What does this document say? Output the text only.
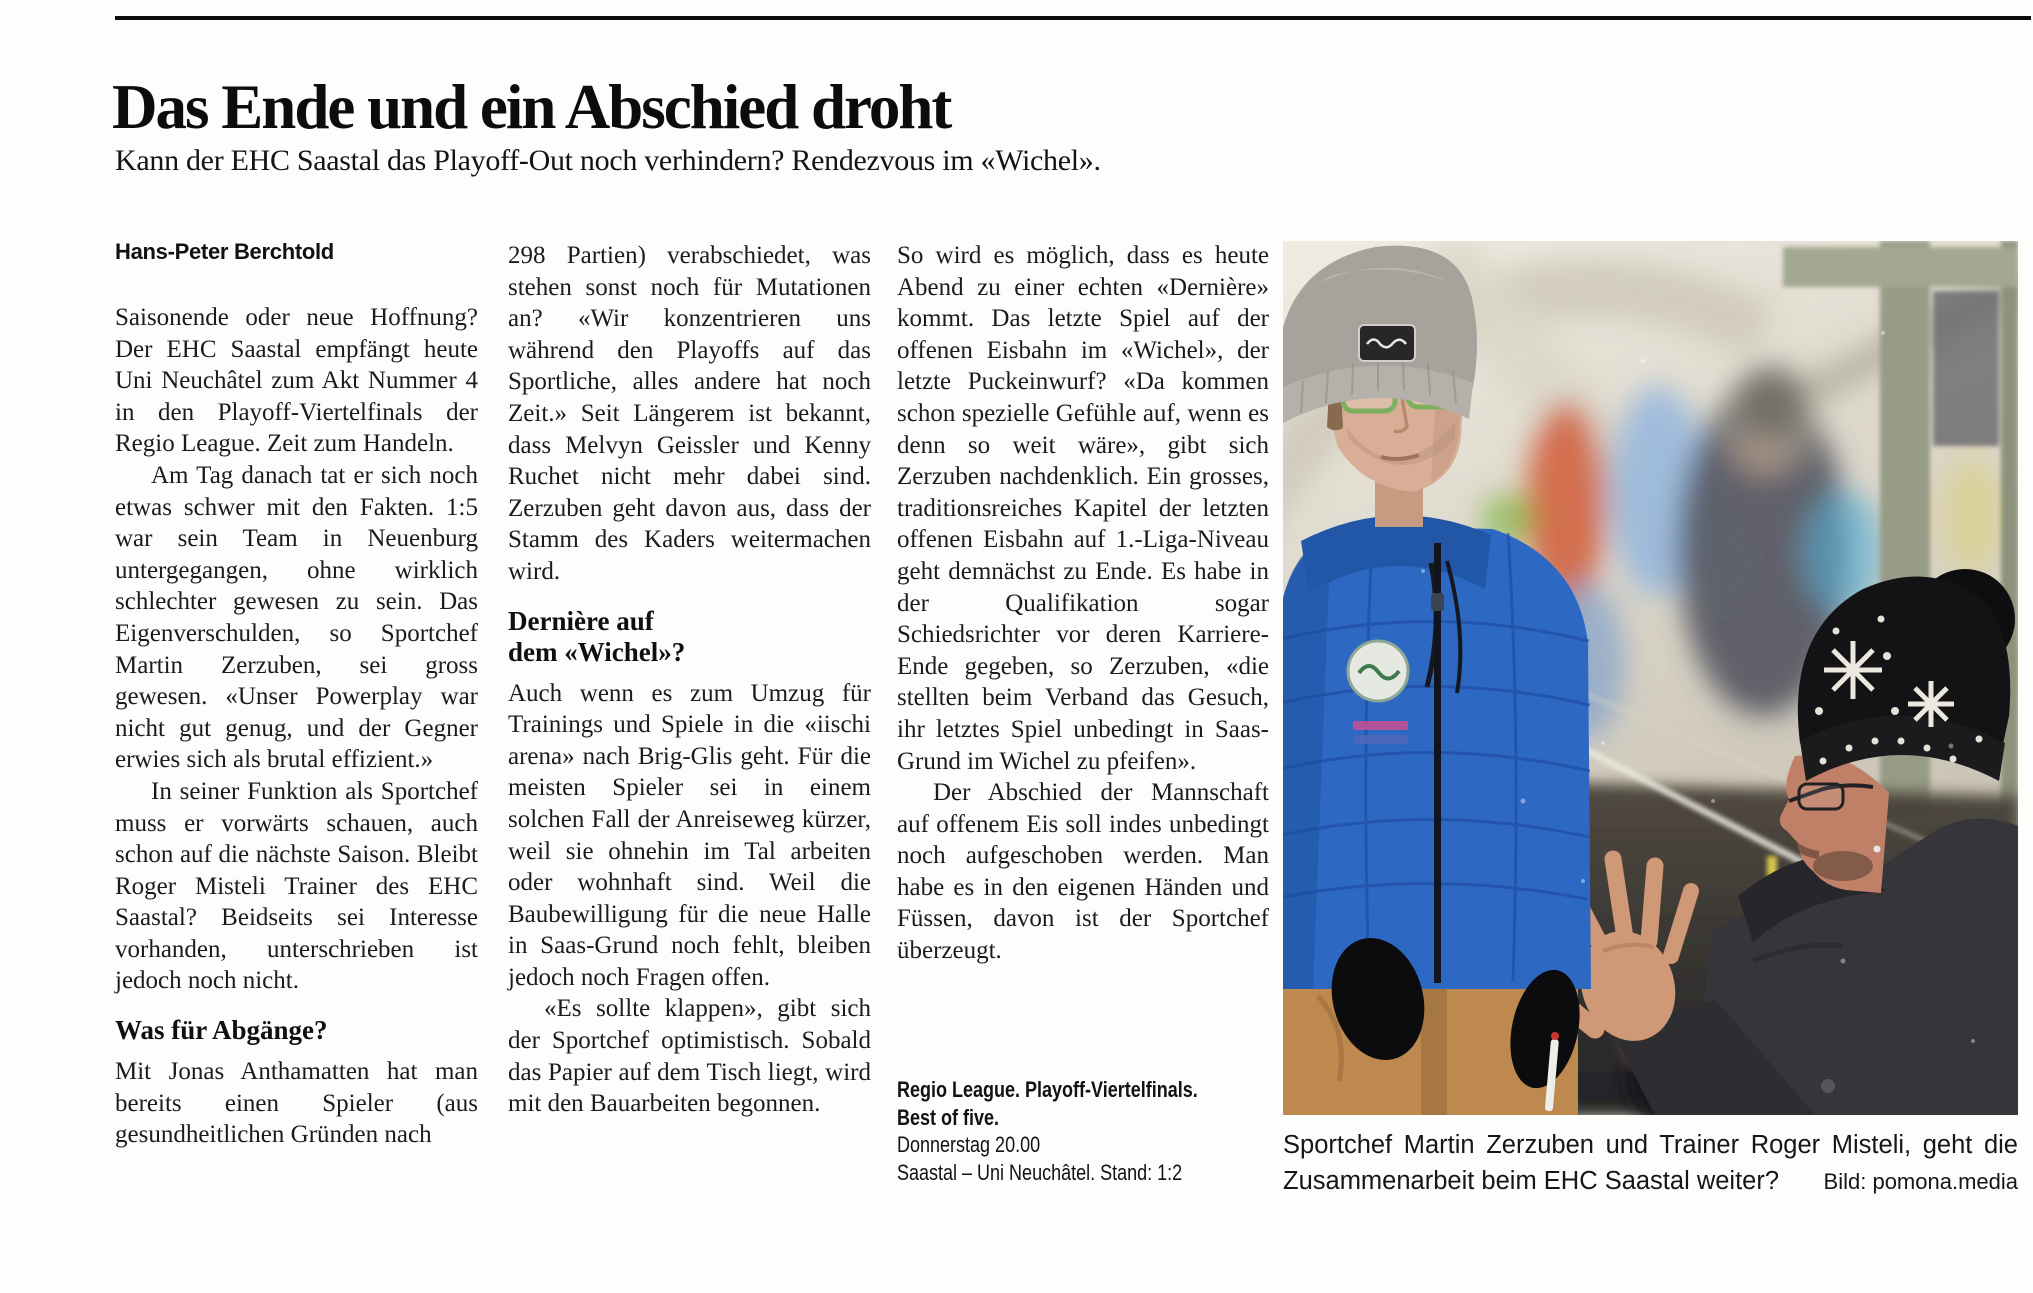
Das Ende und ein Abschied droht
Kann der EHC Saastal das Playoff-Out noch verhindern? Rendezvous im «Wichel».
Hans-Peter Berchtold

Saisonende oder neue Hoffnung? Der EHC Saastal empfängt heute Uni Neuchâtel zum Akt Nummer 4 in den Playoff-Viertelfinals der Regio League. Zeit zum Handeln.

Am Tag danach tat er sich noch etwas schwer mit den Fakten. 1:5 war sein Team in Neuenburg untergegangen, ohne wirklich schlechter gewesen zu sein. Das Eigenverschulden, so Sportchef Martin Zerzuben, sei gross gewesen. «Unser Powerplay war nicht gut genug, und der Gegner erwies sich als brutal effizient.»

In seiner Funktion als Sportchef muss er vorwärts schauen, auch schon auf die nächste Saison. Bleibt Roger Misteli Trainer des EHC Saastal? Beidseits sei Interesse vorhanden, unterschrieben ist jedoch noch nicht.

Was für Abgänge?

Mit Jonas Anthamatten hat man bereits einen Spieler (aus gesundheitlichen Gründen nach

298 Partien) verabschiedet, was stehen sonst noch für Mutationen an? «Wir konzentrieren uns während den Playoffs auf das Sportliche, alles andere hat noch Zeit.» Seit Längerem ist bekannt, dass Melvyn Geissler und Kenny Ruchet nicht mehr dabei sind. Zerzuben geht davon aus, dass der Stamm des Kaders weitermachen wird.

Dernière auf
dem «Wichel»?

Auch wenn es zum Umzug für Trainings und Spiele in die «iischi arena» nach Brig-Glis geht. Für die meisten Spieler sei in einem solchen Fall der Anreiseweg kürzer, weil sie ohnehin im Tal arbeiten oder wohnhaft sind. Weil die Baubewilligung für die neue Halle in Saas-Grund noch fehlt, bleiben jedoch noch Fragen offen.

«Es sollte klappen», gibt sich der Sportchef optimistisch. Sobald das Papier auf dem Tisch liegt, wird mit den Bauarbeiten begonnen.

So wird es möglich, dass es heute Abend zu einer echten «Dernière» kommt. Das letzte Spiel auf der offenen Eisbahn im «Wichel», der letzte Puckeinwurf? «Da kommen schon spezielle Gefühle auf, wenn es denn so weit wäre», gibt sich Zerzuben nachdenklich. Ein grosses, traditionsreiches Kapitel der letzten offenen Eisbahn auf 1.-Liga-Niveau geht demnächst zu Ende. Es habe in der Qualifikation sogar Schiedsrichter vor deren Karriere-Ende gegeben, so Zerzuben, «die stellten beim Verband das Gesuch, ihr letztes Spiel unbedingt in Saas-Grund im Wichel zu pfeifen».

Der Abschied der Mannschaft auf offenem Eis soll indes unbedingt noch aufgeschoben werden. Man habe es in den eigenen Händen und Füssen, davon ist der Sportchef überzeugt.

Regio League. Playoff-Viertelfinals.
Best of five.
Donnerstag 20.00
Saastal – Uni Neuchâtel. Stand: 1:2
Sportchef Martin Zerzuben und Trainer Roger Misteli, geht die Zusammenarbeit beim EHC Saastal weiter? Bild: pomona.media
